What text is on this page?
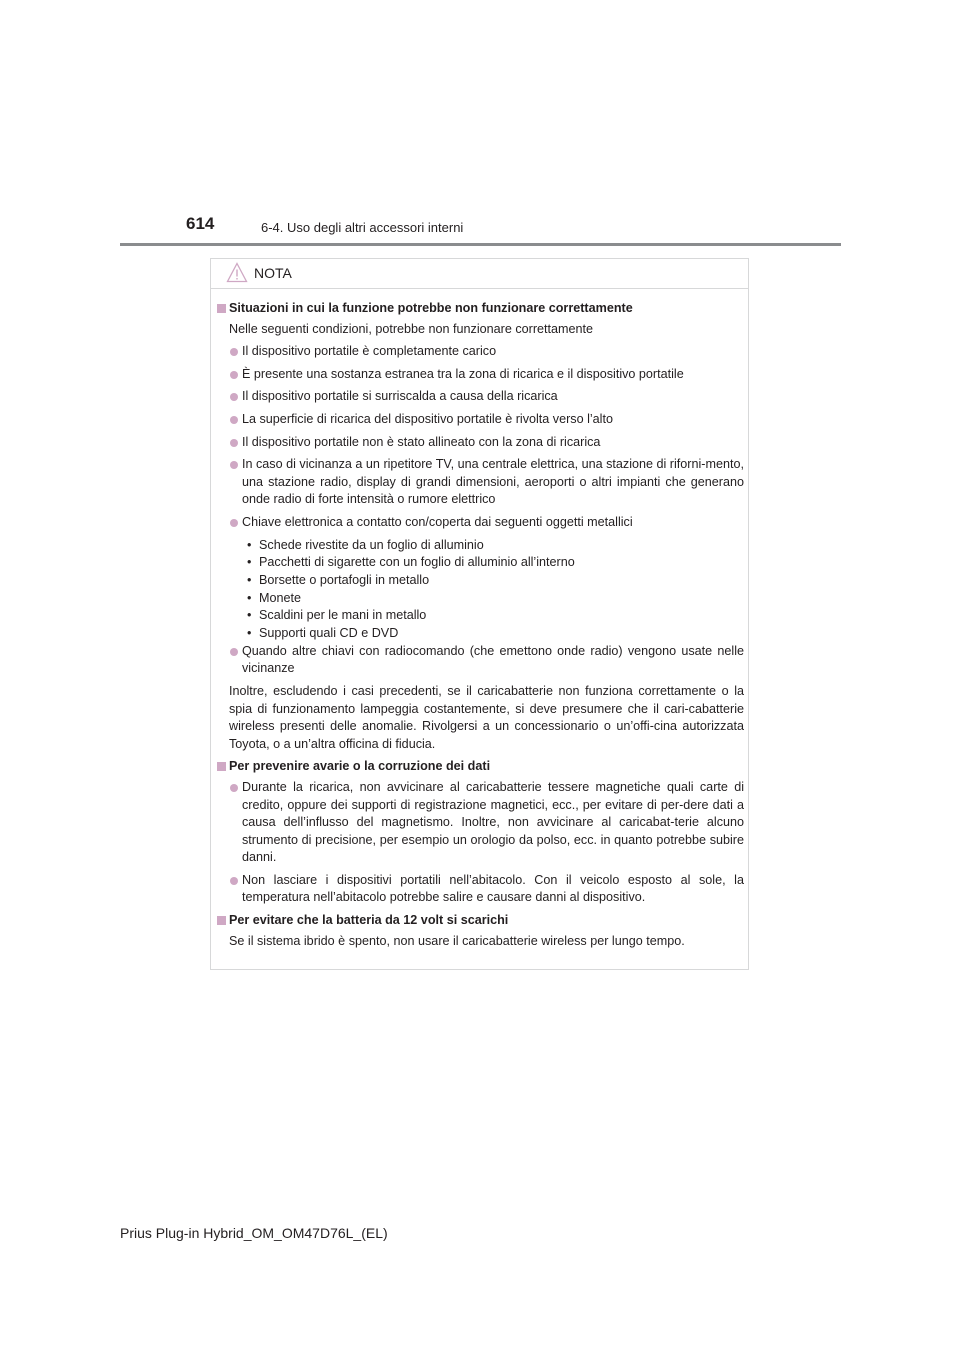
614	6-4. Uso degli altri accessori interni
NOTA
Situazioni in cui la funzione potrebbe non funzionare correttamente
Nelle seguenti condizioni, potrebbe non funzionare correttamente
Il dispositivo portatile è completamente carico
È presente una sostanza estranea tra la zona di ricarica e il dispositivo portatile
Il dispositivo portatile si surriscalda a causa della ricarica
La superficie di ricarica del dispositivo portatile è rivolta verso l’alto
Il dispositivo portatile non è stato allineato con la zona di ricarica
In caso di vicinanza a un ripetitore TV, una centrale elettrica, una stazione di riforni-mento, una stazione radio, display di grandi dimensioni, aeroporti o altri impianti che generano onde radio di forte intensità o rumore elettrico
Chiave elettronica a contatto con/coperta dai seguenti oggetti metallici
• Schede rivestite da un foglio di alluminio
• Pacchetti di sigarette con un foglio di alluminio all’interno
• Borsette o portafogli in metallo
• Monete
• Scaldini per le mani in metallo
• Supporti quali CD e DVD
Quando altre chiavi con radiocomando (che emettono onde radio) vengono usate nelle vicinanze
Inoltre, escludendo i casi precedenti, se il caricabatterie non funziona correttamente o la spia di funzionamento lampeggia costantemente, si deve presumere che il cari-cabatterie wireless presenti delle anomalie. Rivolgersi a un concessionario o un’offi-cina autorizzata Toyota, o a un’altra officina di fiducia.
Per prevenire avarie o la corruzione dei dati
Durante la ricarica, non avvicinare al caricabatterie tessere magnetiche quali carte di credito, oppure dei supporti di registrazione magnetici, ecc., per evitare di per-dere dati a causa dell’influsso del magnetismo. Inoltre, non avvicinare al caricabat-terie alcuno strumento di precisione, per esempio un orologio da polso, ecc. in quanto potrebbe subire danni.
Non lasciare i dispositivi portatili nell’abitacolo. Con il veicolo esposto al sole, la temperatura nell’abitacolo potrebbe salire e causare danni al dispositivo.
Per evitare che la batteria da 12 volt si scarichi
Se il sistema ibrido è spento, non usare il caricabatterie wireless per lungo tempo.
Prius Plug-in Hybrid_OM_OM47D76L_(EL)
